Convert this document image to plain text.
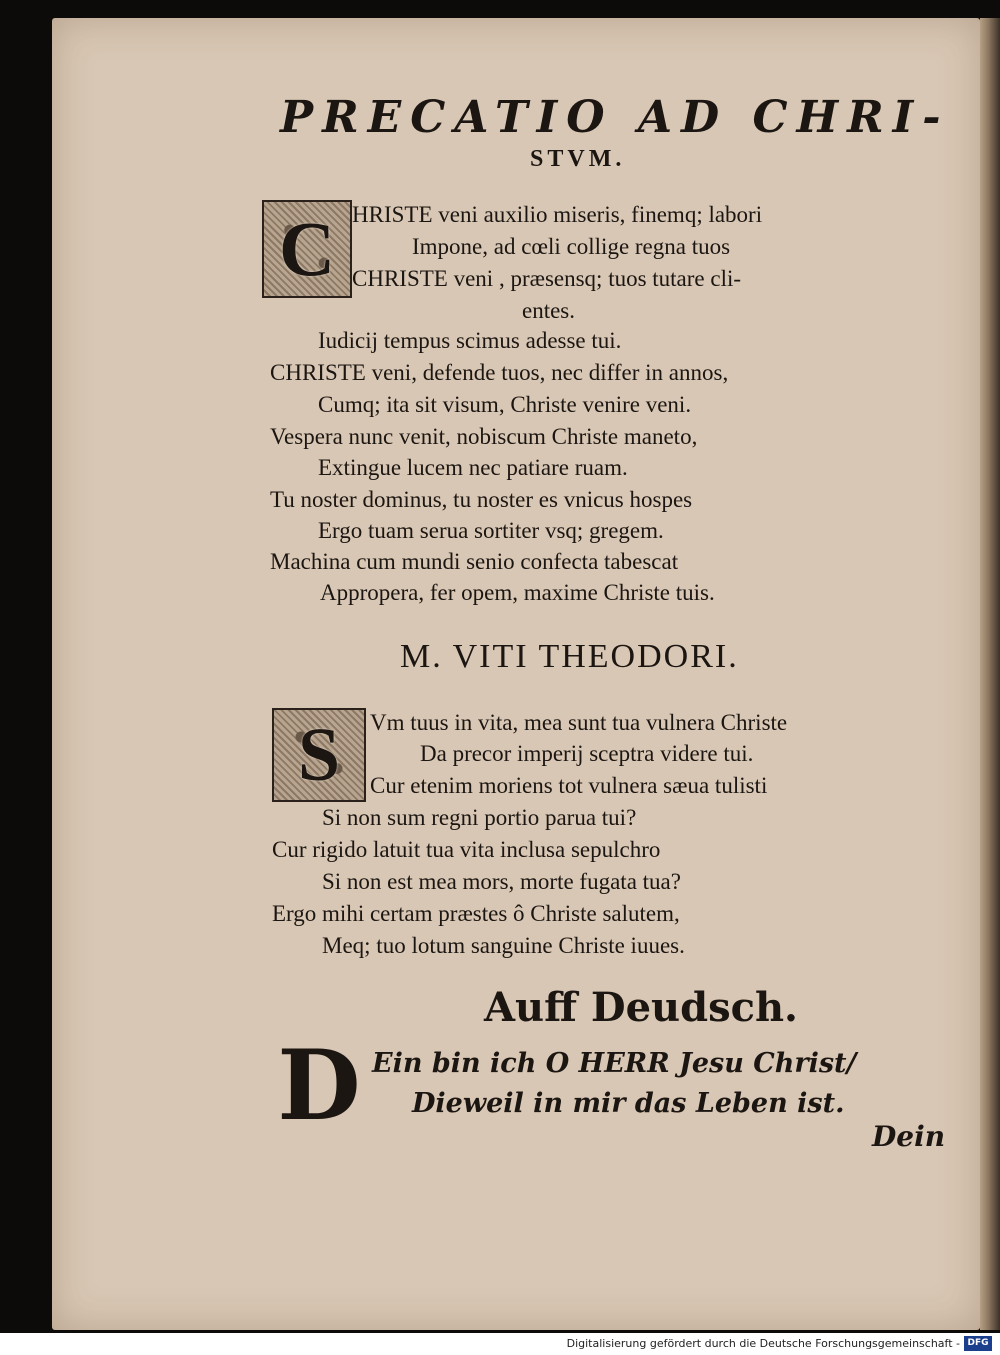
PRECATIO AD CHRI-
STVM.
C HRISTE veni auxilio miseris, finemq; labori
Impone, ad cœli collige regna tuos
CHRISTE veni , præsensq; tuos tutare cli-
entes.
Iudicij tempus scimus adesse tui.
CHRISTE veni, defende tuos, nec differ in annos,
Cumq; ita sit visum, Christe venire veni.
Vespera nunc venit, nobiscum Christe maneto,
Extingue lucem nec patiare ruam.
Tu noster dominus, tu noster es vnicus hospes
Ergo tuam serua sortiter vsq; gregem.
Machina cum mundi senio confecta tabescat
Appropera, fer opem, maxime Christe tuis.
M. VITI THEODORI.
S	Vm tuus in vita, mea sunt tua vulnera Christe
Da precor imperij sceptra videre tui.
Cur etenim moriens tot vulnera sæua tulisti
Si non sum regni portio parua tui?
Cur rigido latuit tua vita inclusa sepulchro
Si non est mea mors, morte fugata tua?
Ergo mihi certam præstes ô Christe salutem,
Meq; tuo lotum sanguine Christe iuues.
Auff Deudsch.
D Ein bin ich O HERR Jesu Christ/
Dieweil in mir das Leben ist.
Dein
Digitalisierung gefördert durch die Deutsche Forschungsgemeinschaft - DFG
